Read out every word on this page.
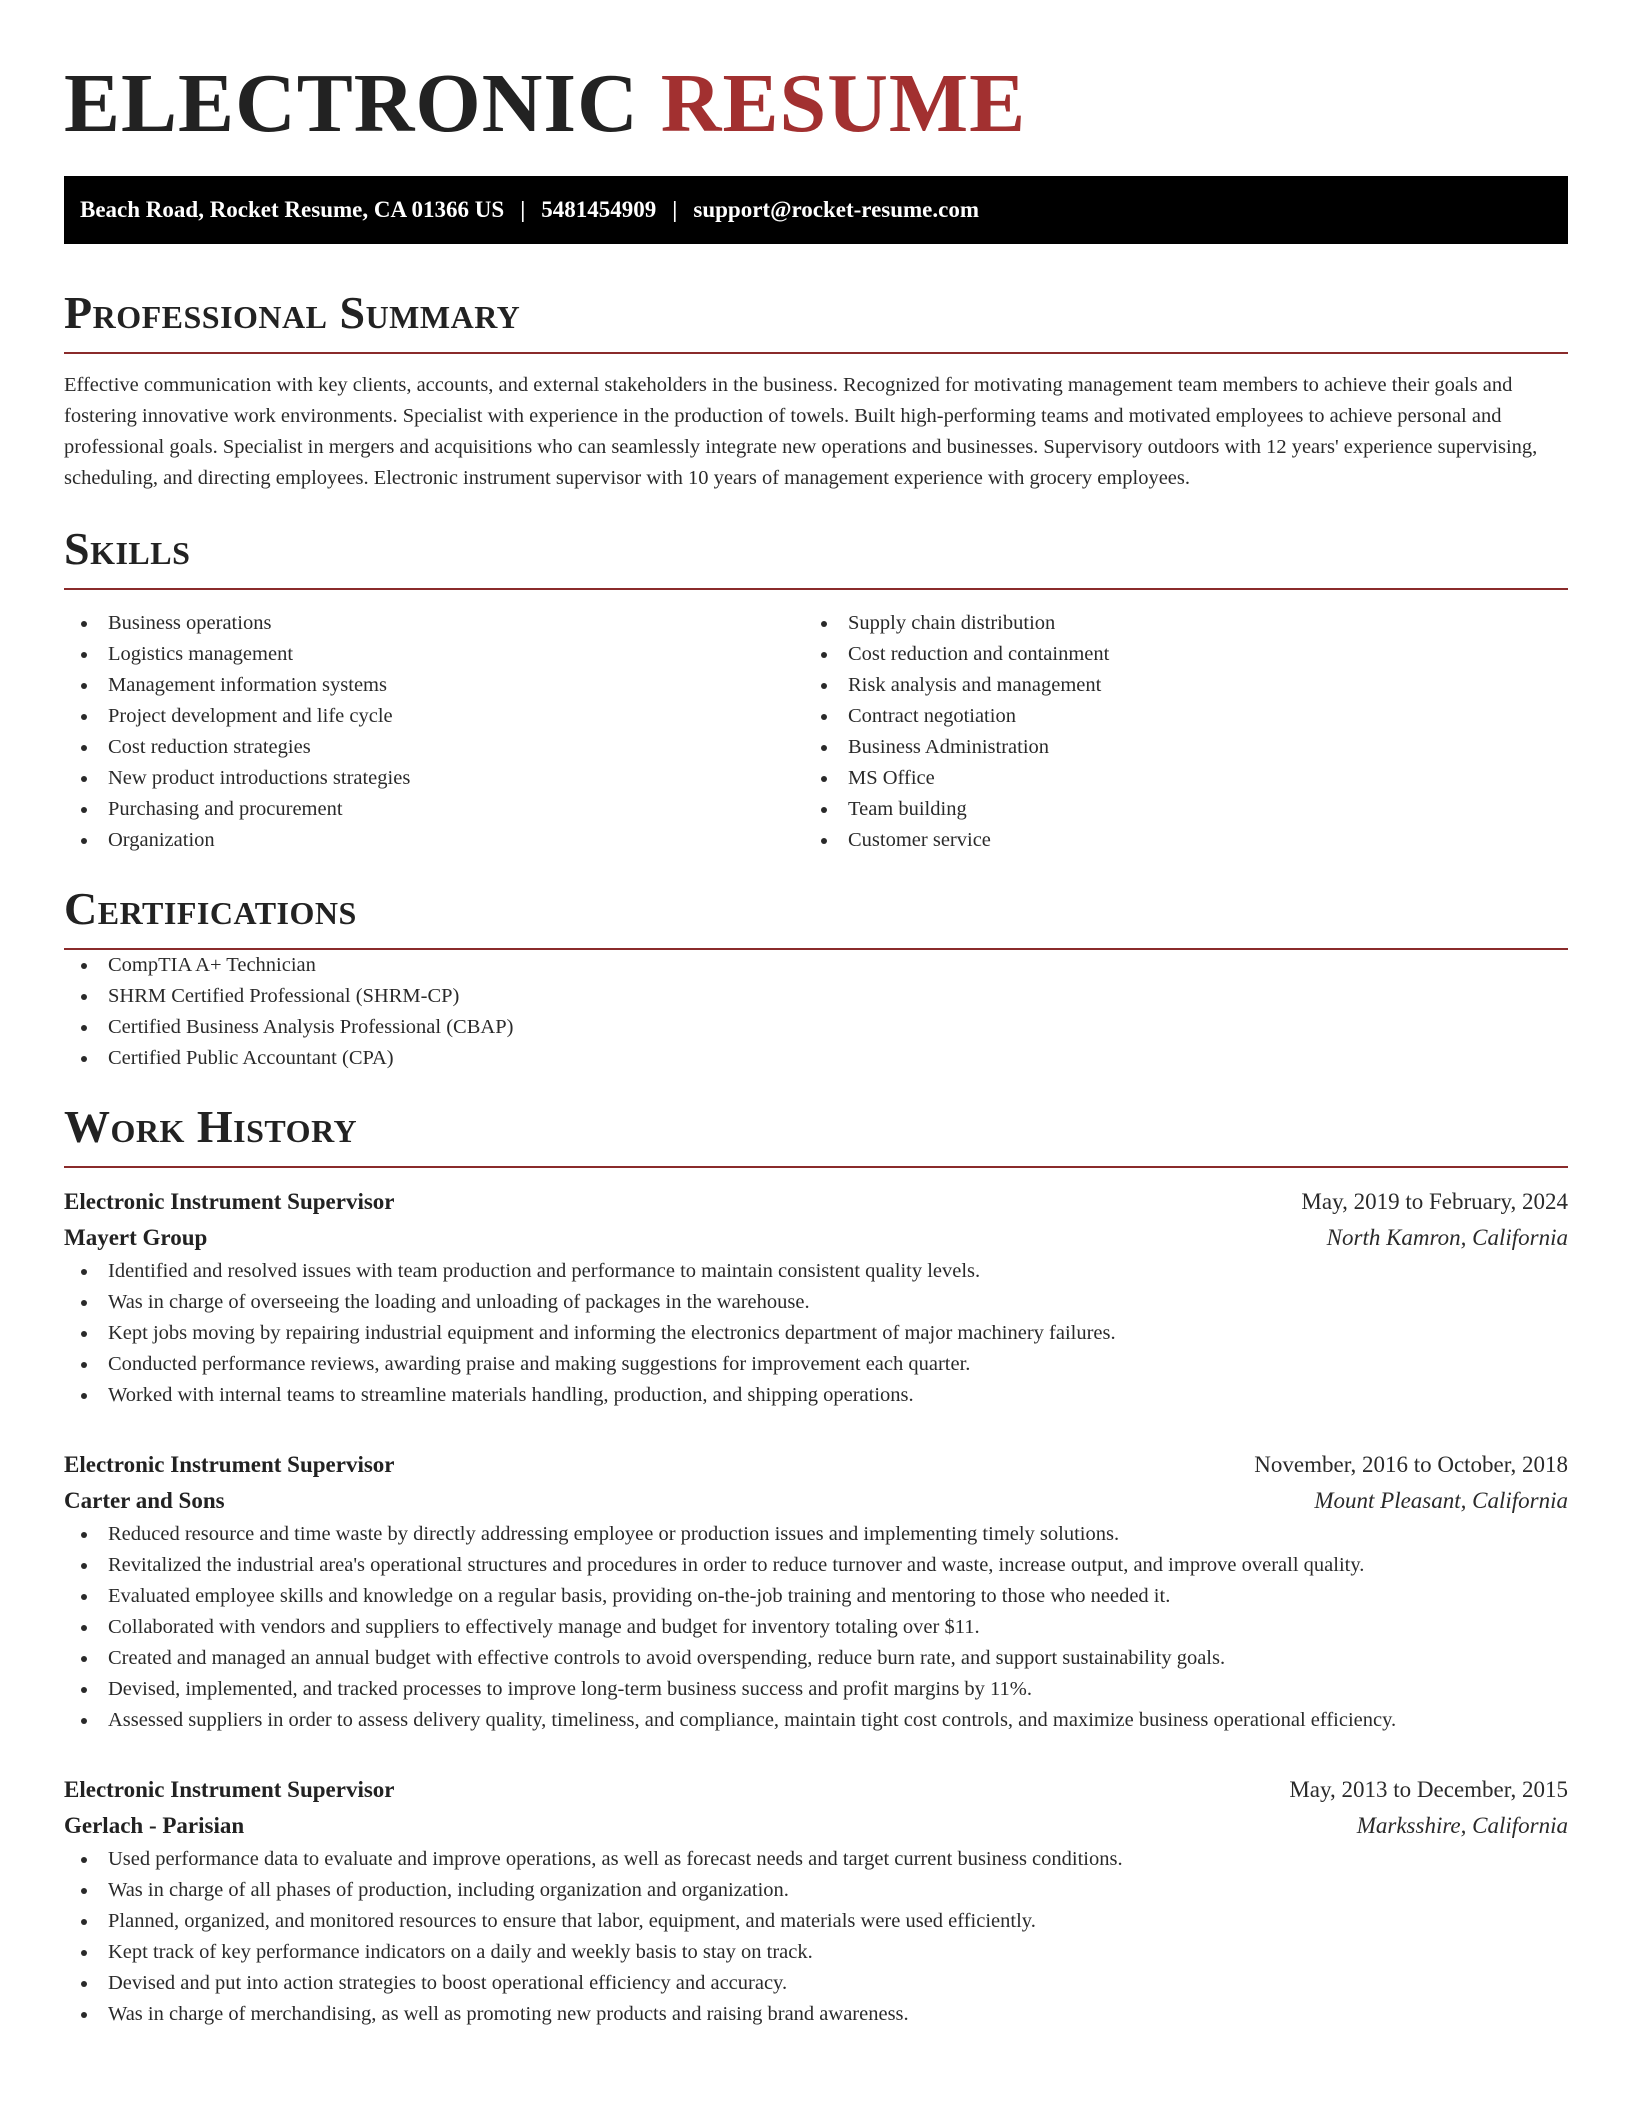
ELECTRONIC RESUME
Beach Road, Rocket Resume, CA 01366 US | 5481454909 | support@rocket-resume.com
Professional Summary

Effective communication with key clients, accounts, and external stakeholders in the business. Recognized for motivating management team members to achieve their goals and fostering innovative work environments. Specialist with experience in the production of towels. Built high-performing teams and motivated employees to achieve personal and professional goals. Specialist in mergers and acquisitions who can seamlessly integrate new operations and businesses. Supervisory outdoors with 12 years' experience supervising, scheduling, and directing employees. Electronic instrument supervisor with 10 years of management experience with grocery employees.

Skills
Business operations
Logistics management
Management information systems
Project development and life cycle
Cost reduction strategies
New product introductions strategies
Purchasing and procurement
Organization
Supply chain distribution
Cost reduction and containment
Risk analysis and management
Contract negotiation
Business Administration
MS Office
Team building
Customer service
Certifications
CompTIA A+ Technician
SHRM Certified Professional (SHRM-CP)
Certified Business Analysis Professional (CBAP)
Certified Public Accountant (CPA)
Work History
Electronic Instrument Supervisor	May, 2019 to February, 2024
Mayert Group	North Kamron, California
Identified and resolved issues with team production and performance to maintain consistent quality levels.
Was in charge of overseeing the loading and unloading of packages in the warehouse.
Kept jobs moving by repairing industrial equipment and informing the electronics department of major machinery failures.
Conducted performance reviews, awarding praise and making suggestions for improvement each quarter.
Worked with internal teams to streamline materials handling, production, and shipping operations.
Electronic Instrument Supervisor	November, 2016 to October, 2018
Carter and Sons	Mount Pleasant, California
Reduced resource and time waste by directly addressing employee or production issues and implementing timely solutions.
Revitalized the industrial area's operational structures and procedures in order to reduce turnover and waste, increase output, and improve overall quality.
Evaluated employee skills and knowledge on a regular basis, providing on-the-job training and mentoring to those who needed it.
Collaborated with vendors and suppliers to effectively manage and budget for inventory totaling over $11.
Created and managed an annual budget with effective controls to avoid overspending, reduce burn rate, and support sustainability goals.
Devised, implemented, and tracked processes to improve long-term business success and profit margins by 11%.
Assessed suppliers in order to assess delivery quality, timeliness, and compliance, maintain tight cost controls, and maximize business operational efficiency.
Electronic Instrument Supervisor	May, 2013 to December, 2015
Gerlach - Parisian	Marksshire, California
Used performance data to evaluate and improve operations, as well as forecast needs and target current business conditions.
Was in charge of all phases of production, including organization and organization.
Planned, organized, and monitored resources to ensure that labor, equipment, and materials were used efficiently.
Kept track of key performance indicators on a daily and weekly basis to stay on track.
Devised and put into action strategies to boost operational efficiency and accuracy.
Was in charge of merchandising, as well as promoting new products and raising brand awareness.
